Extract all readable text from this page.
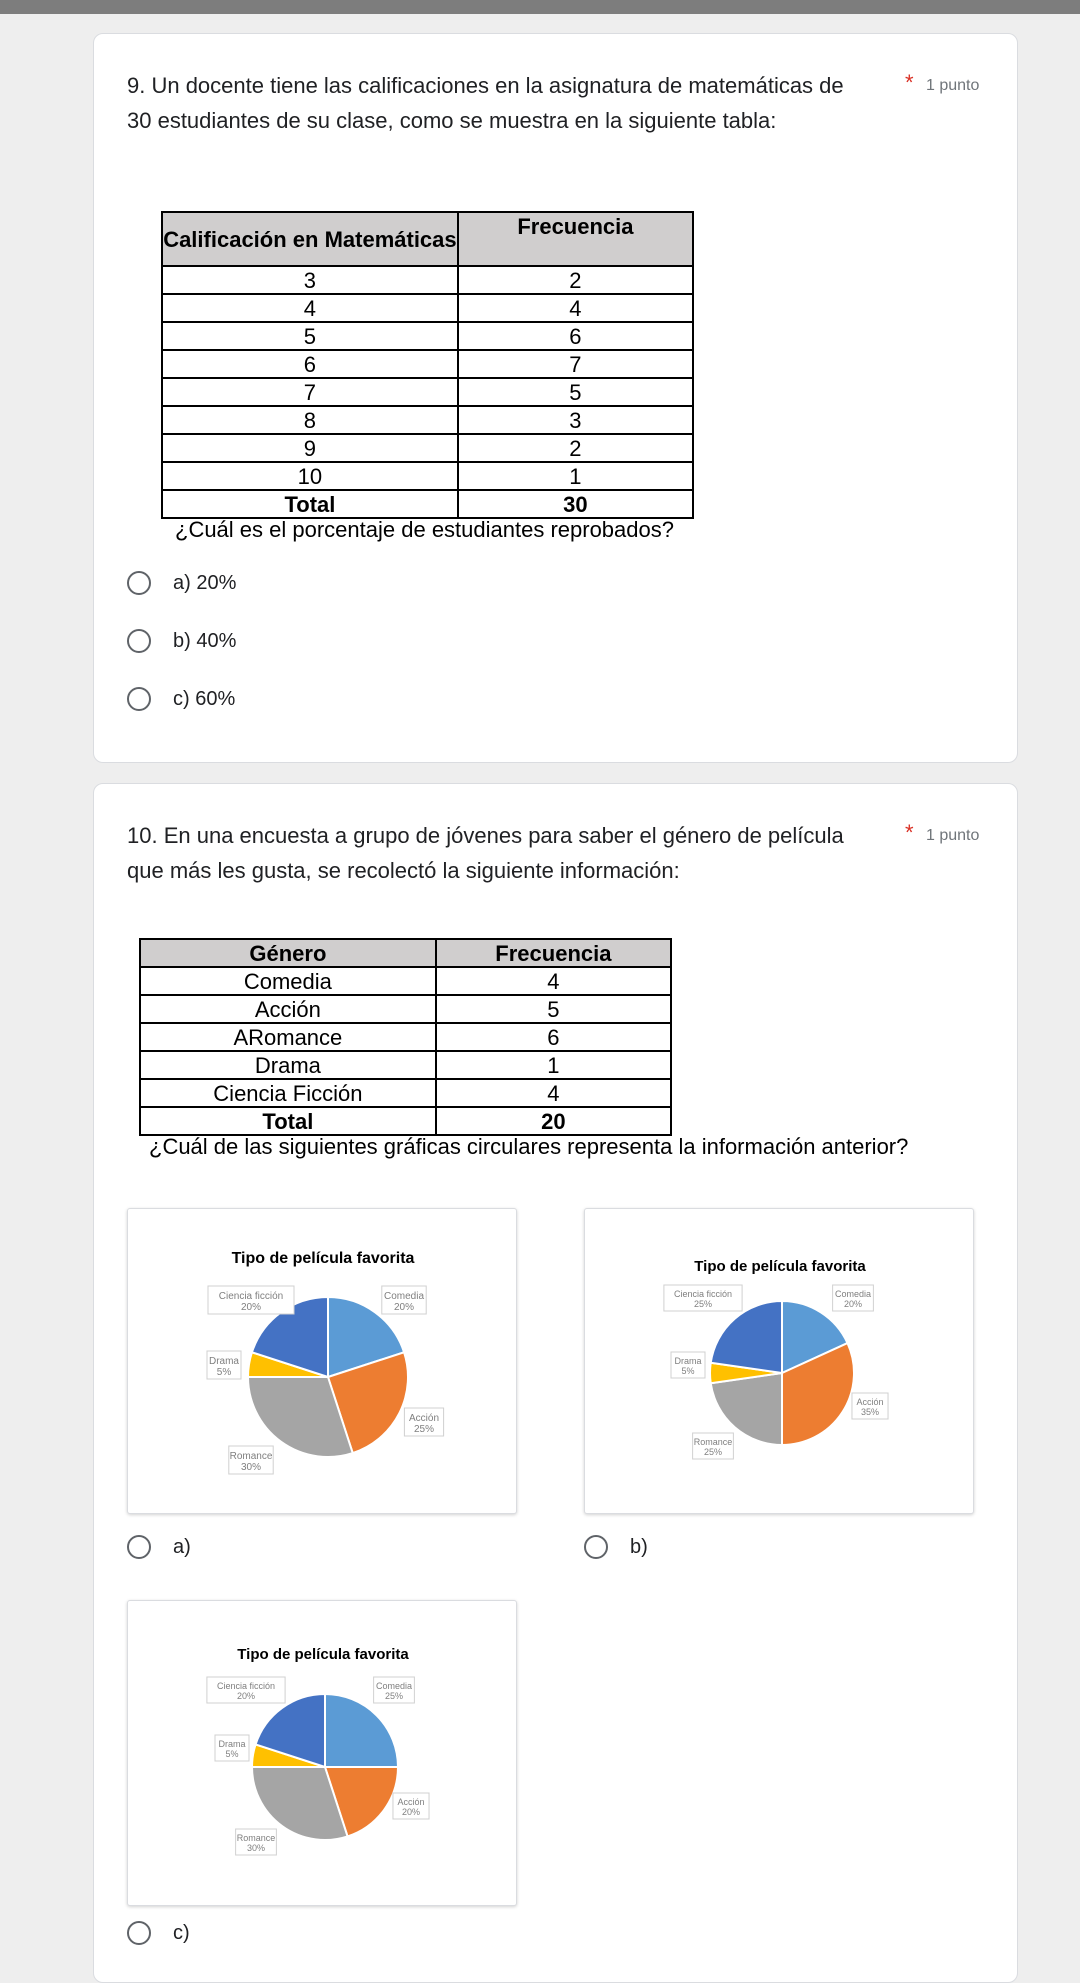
9. Un docente tiene las calificaciones en la asignatura de matemáticas de 30 estudiantes de su clase, como se muestra en la siguiente tabla:
* 1 punto
Calificación en Matemáticas	Frecuencia
3	2
4	4
5	6
6	7
7	5
8	3
9	2
10	1
Total	30
¿Cuál es el porcentaje de estudiantes reprobados?
a) 20%
b) 40%
c) 60%
10. En una encuesta a grupo de jóvenes para saber el género de película que más les gusta, se recolectó la siguiente información:
* 1 punto
Género	Frecuencia
Comedia	4
Acción	5
ARomance	6
Drama	1
Ciencia Ficción	4
Total	20
¿Cuál de las siguientes gráficas circulares representa la información anterior?
Tipo de película favorita
Comedia
20%
Acción
25%
Romance
30%
Drama
5%
Ciencia ficción
20%
a)
Tipo de película favorita
Comedia
20%
Acción
35%
Romance
25%
Drama
5%
Ciencia ficción
25%
b)
Tipo de película favorita
Comedia
25%
Acción
20%
Romance
30%
Drama
5%
Ciencia ficción
20%
c)
